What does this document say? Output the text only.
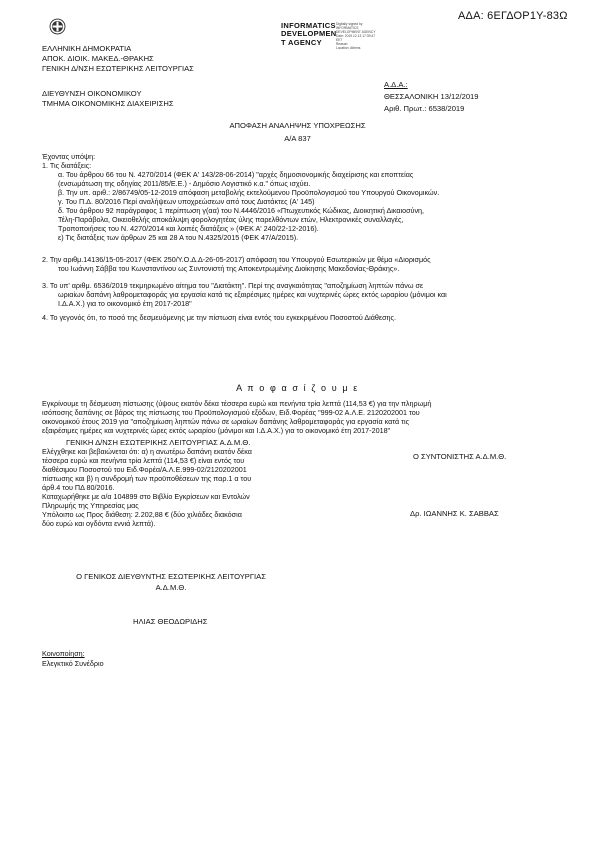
ΑΔΑ: 6ΕΓΔΟΡ1Υ-83Ω
INFORMATICS
DEVELOPMEN
T AGENCY
Digitally signed by
INFORMATICS
DEVELOPMENT AGENCY
Date: 2019.12.13 17:39:47
EET
Reason:
Location: Athens
ΕΛΛΗΝΙΚΗ ΔΗΜΟΚΡΑΤΙΑ
ΑΠΟΚ. ΔΙΟΙΚ. ΜΑΚΕΔ.-ΘΡΑΚΗΣ
ΓΕΝΙΚΗ Δ/ΝΣΗ ΕΣΩΤΕΡΙΚΗΣ ΛΕΙΤΟΥΡΓΙΑΣ
ΔΙΕΥΘΥΝΣΗ ΟΙΚΟΝΟΜΙΚΟΥ
ΤΜΗΜΑ ΟΙΚΟΝΟΜΙΚΗΣ ΔΙΑΧΕΙΡΙΣΗΣ
Α.Δ.Α.:
ΘΕΣΣΑΛΟΝΙΚΗ 13/12/2019
Αριθ. Πρωτ.: 6538/2019
ΑΠΟΦΑΣΗ ΑΝΑΛΗΨΗΣ ΥΠΟΧΡΕΩΣΗΣ
Α/Α 837
Έχοντας υπόψη:
1. Τις διατάξεις:
α. Του άρθρου 66 του Ν. 4270/2014 (ΦΕΚ Α' 143/28-06-2014) "αρχές δημοσιονομικής διαχείρισης και εποπτείας
(ενσωμάτωση της οδηγίας 2011/85/Ε.Ε.) - Δημόσιο Λογιστικό κ.α." όπως ισχύει.
β. Την υπ. αριθ.: 2/86749/05-12-2019 απόφαση μεταβολής εκτελούμενου Προϋπολογισμού του Υπουργού Οικονομικών.
γ. Του Π.Δ. 80/2016 Περί αναλήψεων υποχρεώσεων από τους Διατάκτες (Α' 145)
δ. Του άρθρου 92 παράγραφος 1 περίπτωση γ(αα) του Ν.4446/2016 «Πτωχευτικός Κώδικας, Διοικητική Δικαιοσύνη,
Τέλη-Παράβολα, Οικειοθελής αποκάλυψη φορολογητέας ύλης παρελθόντων ετών, Ηλεκτρονικές συναλλαγές,
Τροποποιήσεις του Ν. 4270/2014 και λοιπές διατάξεις » (ΦΕΚ Α' 240/22-12-2016).
ε) Τις διατάξεις των άρθρων 25 και 28 Α του Ν.4325/2015 (ΦΕΚ 47/Α/2015).
2. Την αριθμ.14136/15-05-2017 (ΦΕΚ 250/Υ.Ο.Δ.Δ-26-05-2017) απόφαση του Υπουργού Εσωτερικών με θέμα «Διορισμός
του Ιωάννη Σάββα του Κωνσταντίνου ως Συντονιστή της Αποκεντρωμένης Διοίκησης Μακεδονίας-Θράκης».
3. Το υπ' αριθμ. 6536/2019 τεκμηριωμένο αίτημα του "Διατάκτη". Περί της αναγκαιότητας "αποζημίωση ληπτών πάνω σε
ωριαίων δαπάνη λαθρομεταφοράς για εργασία κατά τις εξαιρέσιμες ημέρες και νυχτερινές ώρες εκτός ωραρίου (μόνιμοι και
Ι.Δ.Α.Χ.) για το οικονομικό έτη 2017-2018"
4. Το γεγονός ότι, το ποσό της δεσμευόμενης με την πίστωση είναι εντός του εγκεκριμένου Ποσοστού Διάθεσης.
Α π ο φ α σ ί ζ ο υ μ ε
Εγκρίνουμε τη δέσμευση πίστωσης (ύψους εκατόν δέκα τέσσερα ευρώ και πενήντα τρία λεπτά (114,53 €) για την πληρωμή
ισόποσης δαπάνης σε βάρος της πίστωσης του Προϋπολογισμού εξόδων, Ειδ.Φορέας "999-02 Α.Λ.Ε. 2120202001 του
οικονομικού έτους 2019 για "αποζημίωση ληπτών πάνω σε ωριαίων δαπάνης λαθρομεταφοράς για εργασία κατά τις
εξαιρέσιμες ημέρες και νυχτερινές ώρες εκτός ωραρίου (μόνιμοι και Ι.Δ.Α.Χ.) για το οικονομικό έτη 2017-2018"
ΓΕΝΙΚΗ Δ/ΝΣΗ ΕΣΩΤΕΡΙΚΗΣ ΛΕΙΤΟΥΡΓΙΑΣ Α.Δ.Μ.Θ.
Ελέγχθηκε και βεβαιώνεται ότι: α) η ανωτέρω δαπάνη εκατόν δέκα
τέσσερα ευρώ και πενήντα τρία λεπτά (114,53 €) είναι εντός του
διαθέσιμου Ποσοστού του Ειδ.Φορέα/Α.Λ.Ε.999-02/2120202001
πίστωσης και β) η συνδρομή των προϋποθέσεων της παρ.1 α του
άρθ.4 του ΠΔ 80/2016.
Καταχωρήθηκε με α/α 104899 στο Βιβλίο Εγκρίσεων και Εντολών
Πληρωμής της Υπηρεσίας μας
Υπόλοιπο ως Προς διάθεση: 2.202,88 € (δύο χιλιάδες διακόσια
δύο ευρώ και ογδόντα εννιά λεπτά).
Ο ΣΥΝΤΟΝΙΣΤΗΣ Α.Δ.Μ.Θ.
Δρ. ΙΩΑΝΝΗΣ Κ. ΣΑΒΒΑΣ
Ο ΓΕΝΙΚΟΣ ΔΙΕΥΘΥΝΤΗΣ ΕΣΩΤΕΡΙΚΗΣ ΛΕΙΤΟΥΡΓΙΑΣ
Α.Δ.Μ.Θ.
ΗΛΙΑΣ ΘΕΟΔΩΡΙΔΗΣ
Κοινοποίηση:
Ελεγκτικό Συνέδριο
